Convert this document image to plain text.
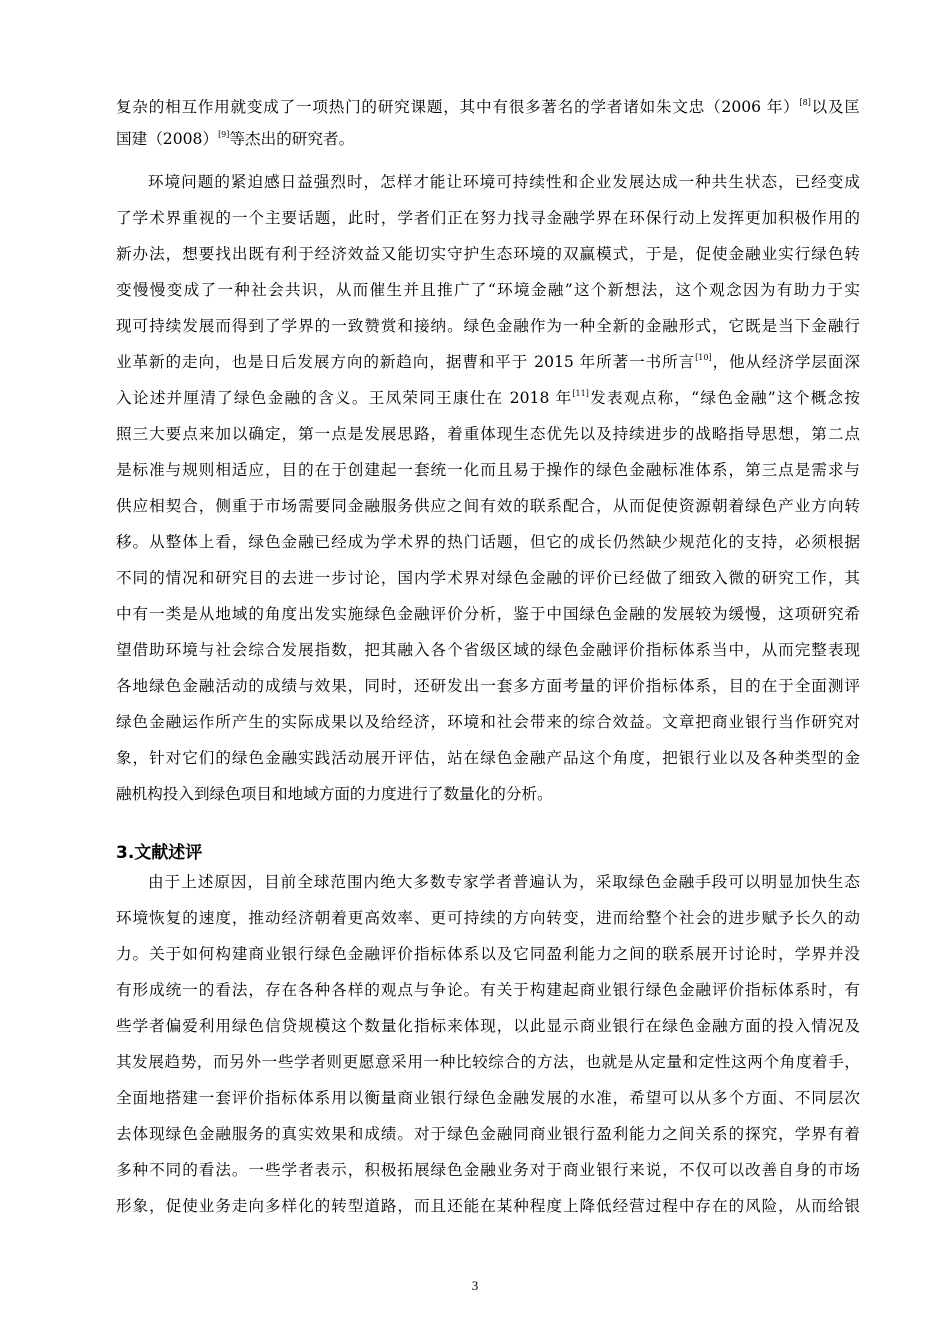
复杂的相互作用就变成了一项热门的研究课题，其中有很多著名的学者诸如朱文忠（2006 年）[8]以及匡
国建（2008）[9]等杰出的研究者。
环境问题的紧迫感日益强烈时，怎样才能让环境可持续性和企业发展达成一种共生状态，已经变成
了学术界重视的一个主要话题，此时，学者们正在努力找寻金融学界在环保行动上发挥更加积极作用的
新办法，想要找出既有利于经济效益又能切实守护生态环境的双赢模式，于是，促使金融业实行绿色转
变慢慢变成了一种社会共识，从而催生并且推广了“环境金融”这个新想法，这个观念因为有助力于实
现可持续发展而得到了学界的一致赞赏和接纳。绿色金融作为一种全新的金融形式，它既是当下金融行
业革新的走向，也是日后发展方向的新趋向，据曹和平于 2015 年所著一书所言[10]，他从经济学层面深
入论述并厘清了绿色金融的含义。王凤荣同王康仕在 2018 年[11]发表观点称，“绿色金融”这个概念按
照三大要点来加以确定，第一点是发展思路，着重体现生态优先以及持续进步的战略指导思想，第二点
是标准与规则相适应，目的在于创建起一套统一化而且易于操作的绿色金融标准体系，第三点是需求与
供应相契合，侧重于市场需要同金融服务供应之间有效的联系配合，从而促使资源朝着绿色产业方向转
移。从整体上看，绿色金融已经成为学术界的热门话题，但它的成长仍然缺少规范化的支持，必须根据
不同的情况和研究目的去进一步讨论，国内学术界对绿色金融的评价已经做了细致入微的研究工作，其
中有一类是从地域的角度出发实施绿色金融评价分析，鉴于中国绿色金融的发展较为缓慢，这项研究希
望借助环境与社会综合发展指数，把其融入各个省级区域的绿色金融评价指标体系当中，从而完整表现
各地绿色金融活动的成绩与效果，同时，还研发出一套多方面考量的评价指标体系，目的在于全面测评
绿色金融运作所产生的实际成果以及给经济，环境和社会带来的综合效益。文章把商业银行当作研究对
象，针对它们的绿色金融实践活动展开评估，站在绿色金融产品这个角度，把银行业以及各种类型的金
融机构投入到绿色项目和地域方面的力度进行了数量化的分析。
3.文献述评
由于上述原因，目前全球范围内绝大多数专家学者普遍认为，采取绿色金融手段可以明显加快生态
环境恢复的速度，推动经济朝着更高效率、更可持续的方向转变，进而给整个社会的进步赋予长久的动
力。关于如何构建商业银行绿色金融评价指标体系以及它同盈利能力之间的联系展开讨论时，学界并没
有形成统一的看法，存在各种各样的观点与争论。有关于构建起商业银行绿色金融评价指标体系时，有
些学者偏爱利用绿色信贷规模这个数量化指标来体现，以此显示商业银行在绿色金融方面的投入情况及
其发展趋势，而另外一些学者则更愿意采用一种比较综合的方法，也就是从定量和定性这两个角度着手，
全面地搭建一套评价指标体系用以衡量商业银行绿色金融发展的水准，希望可以从多个方面、不同层次
去体现绿色金融服务的真实效果和成绩。对于绿色金融同商业银行盈利能力之间关系的探究，学界有着
多种不同的看法。一些学者表示，积极拓展绿色金融业务对于商业银行来说，不仅可以改善自身的市场
形象，促使业务走向多样化的转型道路，而且还能在某种程度上降低经营过程中存在的风险，从而给银
3
